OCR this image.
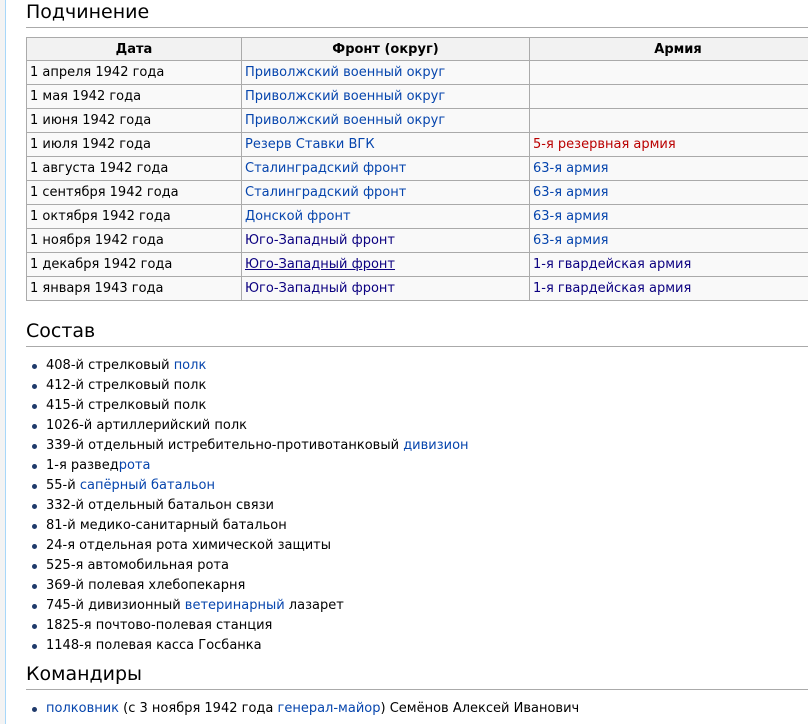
Подчинение
Дата	Фронт (округ)	Армия
1 апреля 1942 года	Приволжский военный округ	
1 мая 1942 года	Приволжский военный округ	
1 июня 1942 года	Приволжский военный округ	
1 июля 1942 года	Резерв Ставки ВГК	5-я резервная армия
1 августа 1942 года	Сталинградский фронт	63-я армия
1 сентября 1942 года	Сталинградский фронт	63-я армия
1 октября 1942 года	Донской фронт	63-я армия
1 ноября 1942 года	Юго-Западный фронт	63-я армия
1 декабря 1942 года	Юго-Западный фронт	1-я гвардейская армия
1 января 1943 года	Юго-Западный фронт	1-я гвардейская армия
Состав
408-й стрелковый полк
412-й стрелковый полк
415-й стрелковый полк
1026-й артиллерийский полк
339-й отдельный истребительно-противотанковый дивизион
1-я разведрота
55-й сапёрный батальон
332-й отдельный батальон связи
81-й медико-санитарный батальон
24-я отдельная рота химической защиты
525-я автомобильная рота
369-й полевая хлебопекарня
745-й дивизионный ветеринарный лазарет
1825-я почтово-полевая станция
1148-я полевая касса Госбанка
Командиры
полковник (с 3 ноября 1942 года генерал-майор) Семёнов Алексей Иванович
